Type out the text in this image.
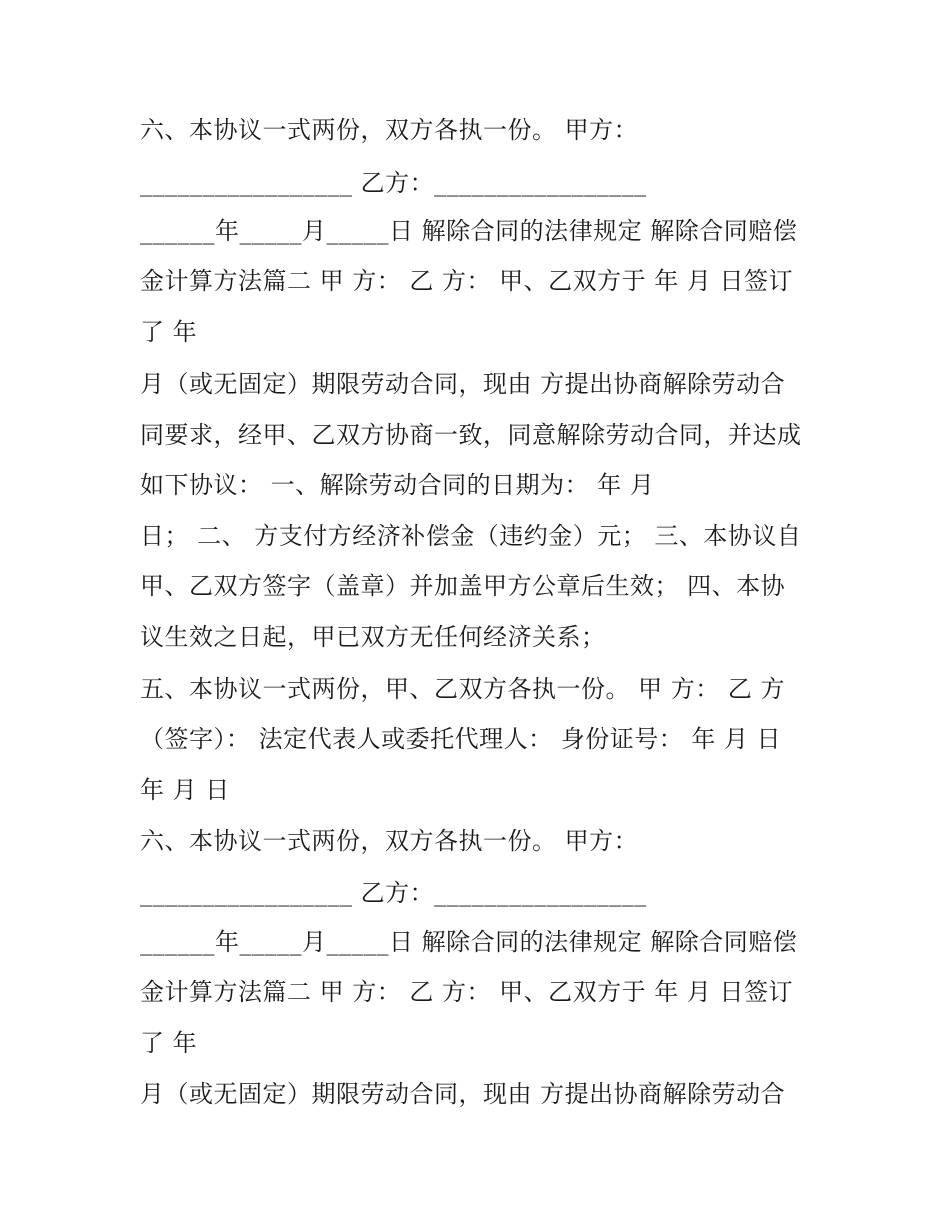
六、本协议一式两份，双方各执一份。 甲方：
_________________ 乙方：_________________
______年_____月_____日 解除合同的法律规定 解除合同赔偿
金计算方法篇二 甲 方： 乙 方： 甲、乙双方于 年 月 日签订
了 年
月（或无固定）期限劳动合同，现由 方提出协商解除劳动合
同要求，经甲、乙双方协商一致，同意解除劳动合同，并达成
如下协议： 一、解除劳动合同的日期为： 年 月
日； 二、 方支付方经济补偿金（违约金）元； 三、本协议自
甲、乙双方签字（盖章）并加盖甲方公章后生效； 四、本协
议生效之日起，甲已双方无任何经济关系；
五、本协议一式两份，甲、乙双方各执一份。 甲 方： 乙 方
（签字）： 法定代表人或委托代理人： 身份证号： 年 月 日
年 月 日
六、本协议一式两份，双方各执一份。 甲方：
_________________ 乙方：_________________
______年_____月_____日 解除合同的法律规定 解除合同赔偿
金计算方法篇二 甲 方： 乙 方： 甲、乙双方于 年 月 日签订
了 年
月（或无固定）期限劳动合同，现由 方提出协商解除劳动合
